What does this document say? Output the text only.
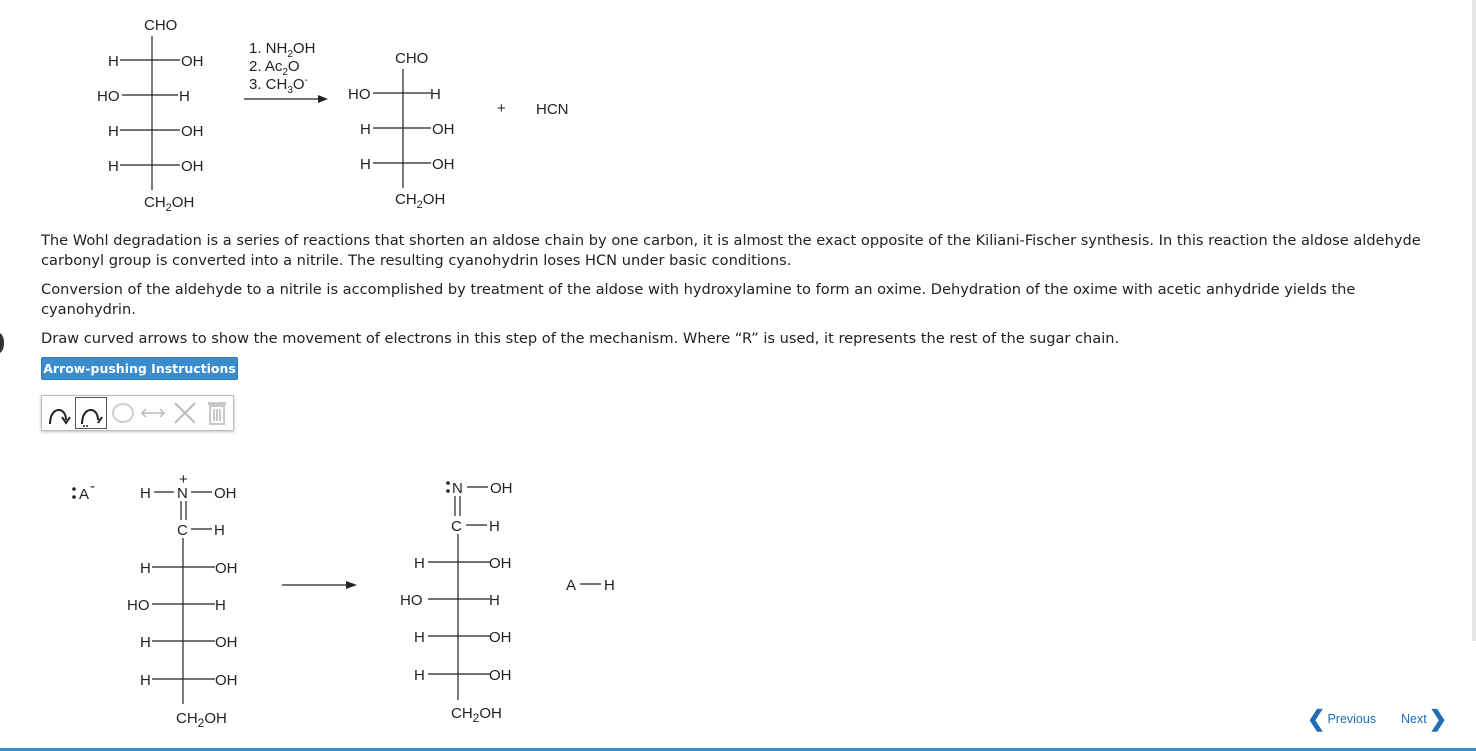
CHO
H	OH
HO	H
H	OH
H	OH
$CH_2OH$
1. $NH_2OH$
2. $Ac_2O$
3. $CH_3O^-$
CHO
HO	H
H	OH
H	OH
$CH_2OH$
+ HCN
A -	H N
+
OH
C H
H	OH
HO	H
H	OH
H	OH
$CH_2OH$
N OH
C H
H	OH
HO	H
H	OH
H	OH
$CH_2OH$
A H

The Wohl degradation is a series of reactions that shorten an aldose chain by one carbon, it is almost the exact opposite of the Kiliani-Fischer synthesis. In this reaction the aldose aldehyde carbonyl group is converted into a nitrile. The resulting cyanohydrin loses HCN under basic conditions.

Conversion of the aldehyde to a nitrile is accomplished by treatment of the aldose with hydroxylamine to form an oxime. Dehydration of the oxime with acetic anhydride yields the cyanohydrin.

Draw curved arrows to show the movement of electrons in this step of the mechanism. Where “R” is used, it represents the rest of the sugar chain.

Arrow-pushing Instructions
❮ Previous Next ❯
